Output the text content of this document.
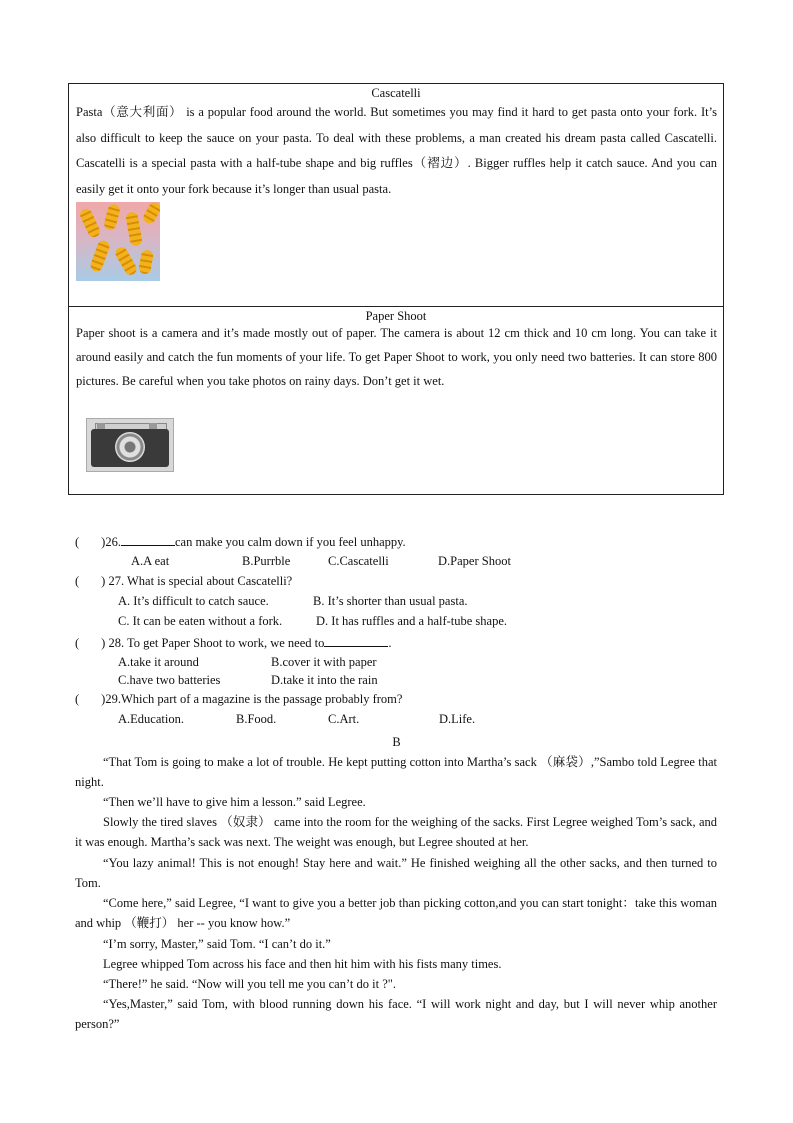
Cascatelli
Pasta（意大利面） is a popular food around the world. But sometimes you may find it hard to get pasta onto your fork. It’s also difficult to keep the sauce on your pasta. To deal with these problems, a man created his dream pasta called Cascatelli. Cascatelli is a special pasta with a half-tube shape and big ruffles（褶边）. Bigger ruffles help it catch sauce. And you can easily get it onto your fork because it’s longer than usual pasta.
Paper Shoot
Paper shoot is a camera and it’s made mostly out of paper. The camera is about 12 cm thick and 10 cm long. You can take it around easily and catch the fun moments of your life. To get Paper Shoot to work, you only need two batteries. It can store 800 pictures. Be careful when you take photos on rainy days. Don’t get it wet.
( )26.	can make you calm down if you feel unhappy.
A.A eat	B.Purrble	C.Cascatelli	D.Paper Shoot
( ) 27. What is special about Cascatelli?
A. It’s difficult to catch sauce.	B. It’s shorter than usual pasta.
C. It can be eaten without a fork.	D. It has ruffles and a half-tube shape.
( ) 28. To get Paper Shoot to work, we need to	.
A.take it around	B.cover it with paper
C.have two batteries	D.take it into the rain
( )29.Which part of a magazine is the passage probably from?
A.Education.	B.Food.	C.Art.	D.Life.
B
“That Tom is going to make a lot of trouble. He kept putting cotton into Martha’s sack （麻袋）,”Sambo told Legree that night.
“Then we’ll have to give him a lesson.” said Legree.
Slowly the tired slaves （奴隶） came into the room for the weighing of the sacks. First Legree weighed Tom’s sack, and it was enough. Martha’s sack was next. The weight was enough, but Legree shouted at her.
“You lazy animal! This is not enough! Stay here and wait.” He finished weighing all the other sacks, and then turned to Tom.
“Come here,” said Legree, “I want to give you a better job than picking cotton,and you can start tonight：take this woman and whip （鞭打） her -- you know how.”
“I’m sorry, Master,” said Tom. “I can’t do it.”
Legree whipped Tom across his face and then hit him with his fists many times.
“There!” he said. “Now will you tell me you can’t do it ?".
“Yes,Master,” said Tom, with blood running down his face. “I will work night and day, but I will never whip another person?”
